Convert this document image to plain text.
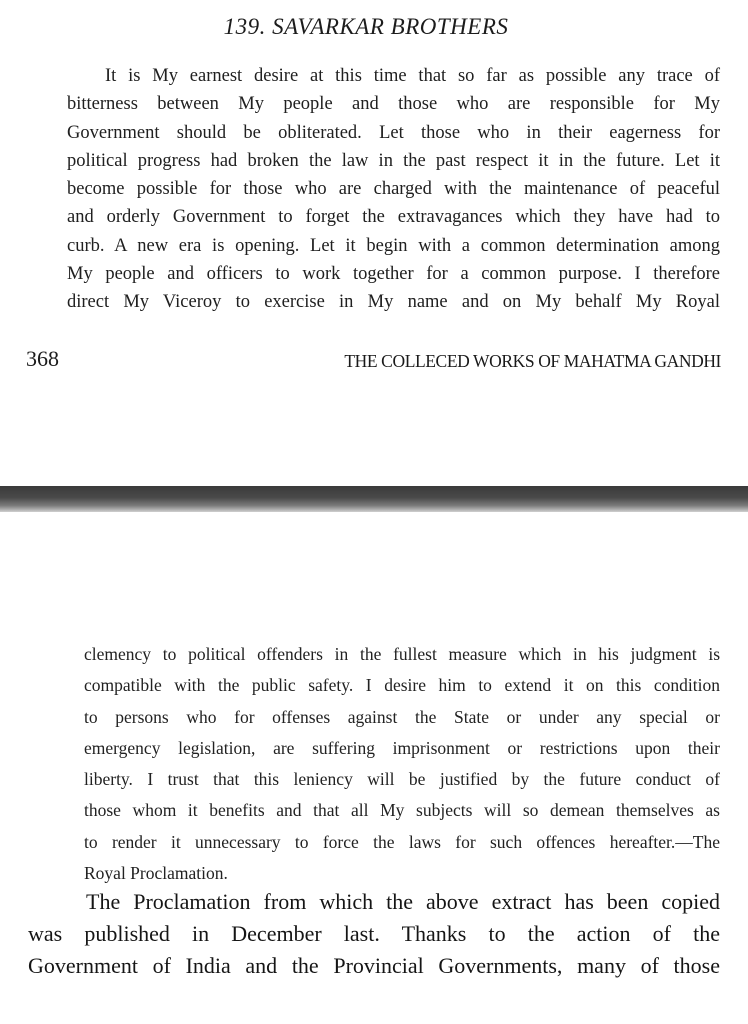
139. SAVARKAR BROTHERS
It is My earnest desire at this time that so far as possible any trace of
bitterness between My people and those who are responsible for My
Government should be obliterated. Let those who in their eagerness for
political progress had broken the law in the past respect it in the future. Let it
become possible for those who are charged with the maintenance of peaceful
and orderly Government to forget the extravagances which they have had to
curb. A new era is opening. Let it begin with a common determination among
My people and officers to work together for a common purpose. I therefore
direct My Viceroy to exercise in My name and on My behalf My Royal
368	THE COLLECED WORKS OF MAHATMA GANDHI
clemency to political offenders in the fullest measure which in his judgment is
compatible with the public safety. I desire him to extend it on this condition
to persons who for offenses against the State or under any special or
emergency legislation, are suffering imprisonment or restrictions upon their
liberty. I trust that this leniency will be justified by the future conduct of
those whom it benefits and that all My subjects will so demean themselves as
to render it unnecessary to force the laws for such offences hereafter.—The
Royal Proclamation.
The Proclamation from which the above extract has been copied
was published in December last. Thanks to the action of the
Government of India and the Provincial Governments, many of those
